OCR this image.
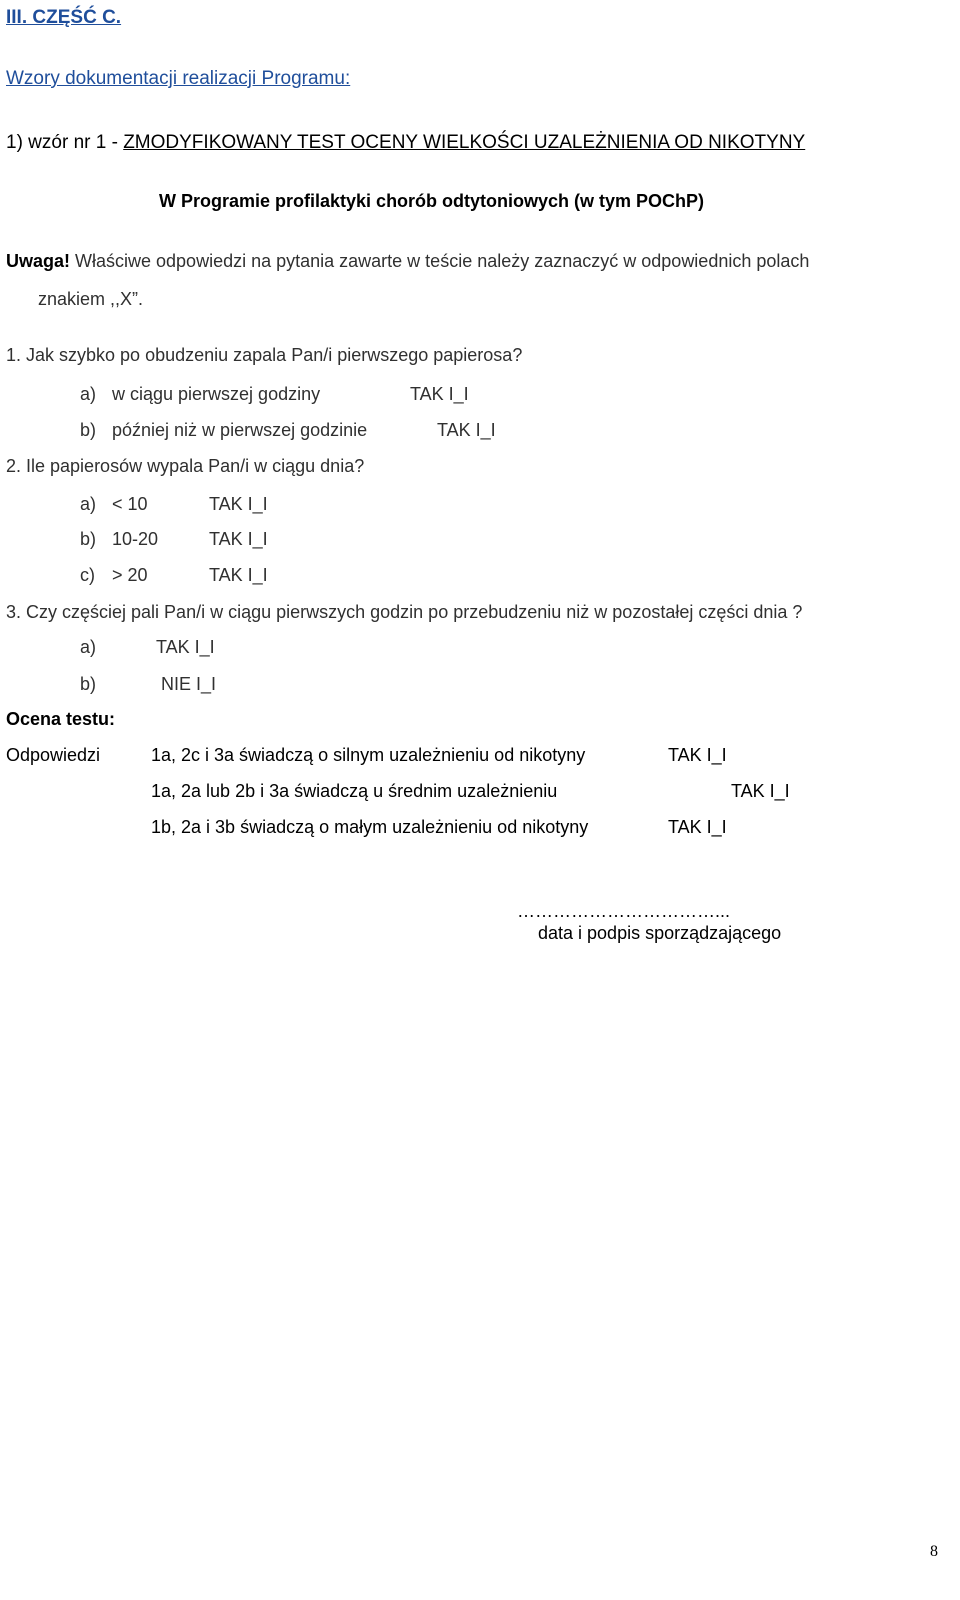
III. CZĘŚĆ C.
Wzory dokumentacji realizacji Programu:
1) wzór nr 1 - ZMODYFIKOWANY TEST OCENY WIELKOŚCI UZALEŻNIENIA OD NIKOTYNY
W Programie profilaktyki chorób odtytoniowych (w tym POChP)
Uwaga! Właściwe odpowiedzi na pytania zawarte w teście należy zaznaczyć w odpowiednich polach
znakiem ,,X”.
1. Jak szybko po obudzeniu zapala Pan/i pierwszego papierosa?
a) w ciągu pierwszej godziny	TAK I_I
b) później niż w pierwszej godzinie	TAK I_I
2. Ile papierosów wypala Pan/i w ciągu dnia?
a) < 10	TAK I_I
b) 10-20	TAK I_I
c) > 20	TAK I_I
3. Czy częściej pali Pan/i w ciągu pierwszych godzin po przebudzeniu niż w pozostałej części dnia ?
a)	TAK I_I
b)	NIE I_I
Ocena testu:
Odpowiedzi	1a, 2c i 3a świadczą o silnym uzależnieniu od nikotyny	TAK I_I
1a, 2a lub 2b i 3a świadczą u średnim uzależnieniu	TAK I_I
1b, 2a i 3b świadczą o małym uzależnieniu od nikotyny	TAK I_I
……………………………...
data i podpis sporządzającego
8
